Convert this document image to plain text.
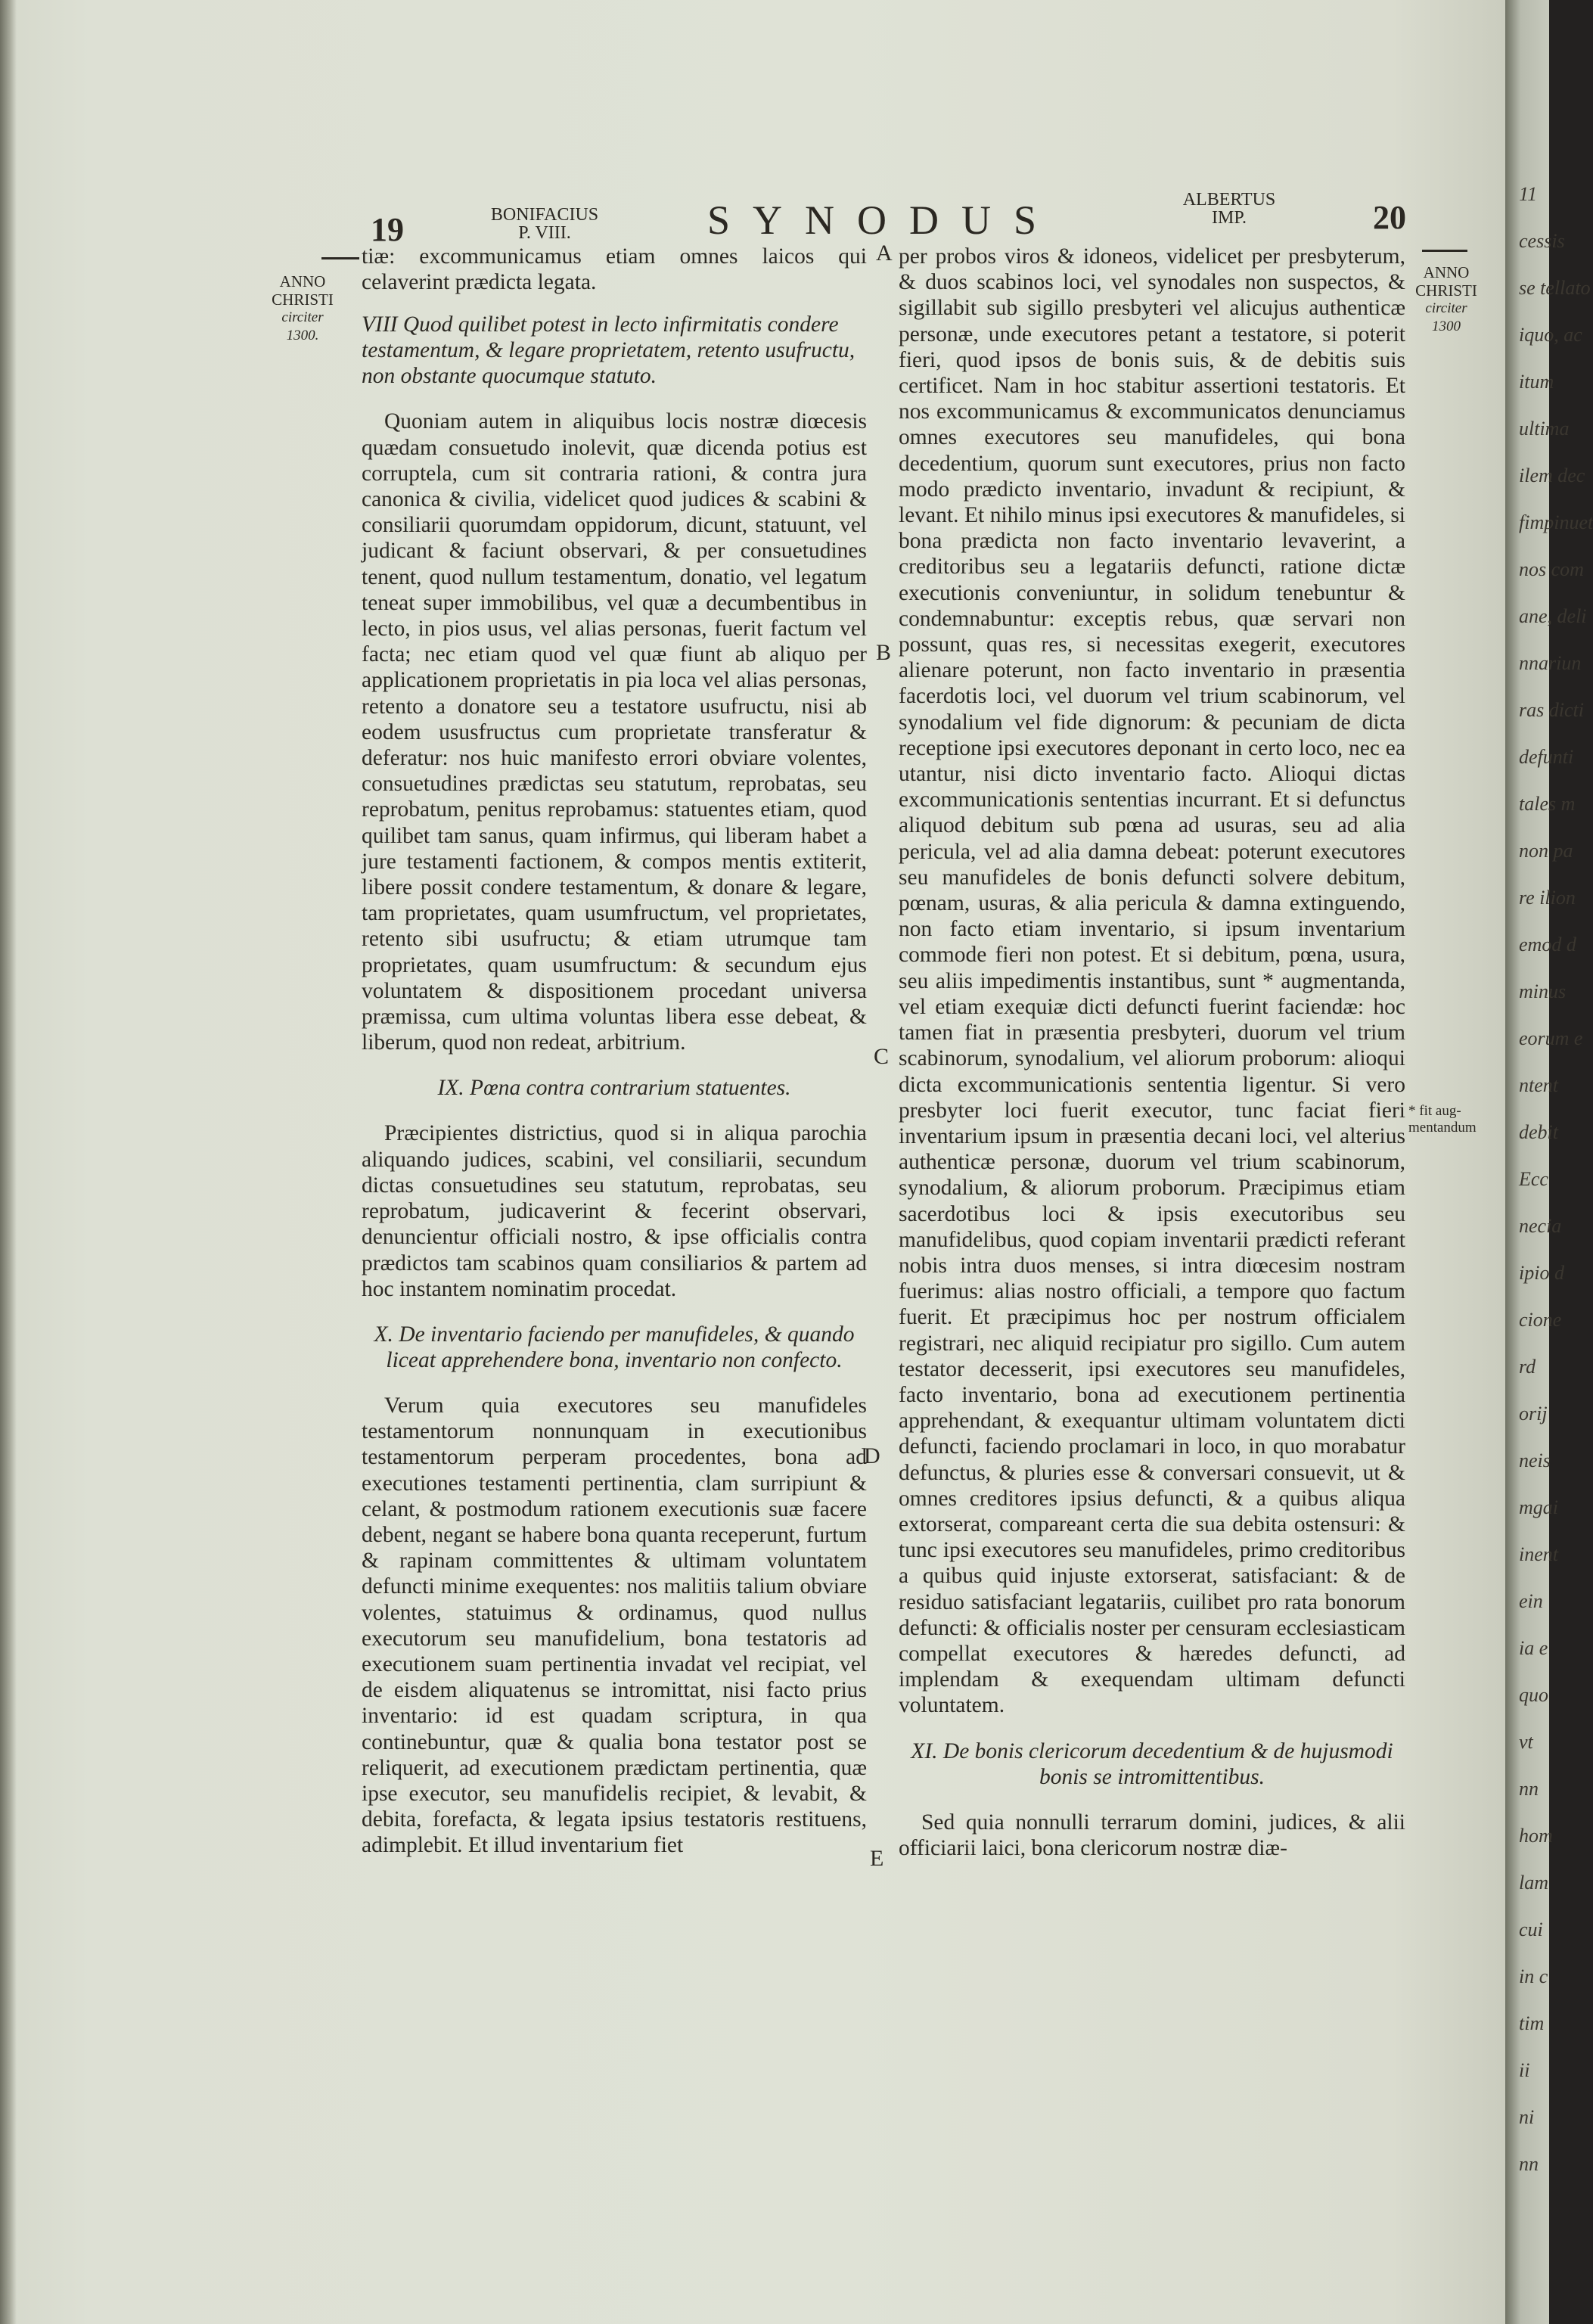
19	BONIFACIUS
P. VIII.	SYNODUS	ALBERTUS
IMP.	20
ANNO
CHRISTI
circiter
1300.
ANNO
CHRISTI
circiter
1300
* fit aug-
mentandum
A
B
C
D
E

tiæ: excommunicamus etiam omnes laicos qui celaverint prædicta legata.

VIII Quod quilibet potest in lecto infirmitatis condere testamentum, & legare proprietatem, retento usufructu, non obstante quocumque statuto.

Quoniam autem in aliquibus locis nostræ diœcesis quædam consuetudo inolevit, quæ dicenda potius est corruptela, cum sit contraria rationi, & contra jura canonica & civilia, videlicet quod judices & scabini & consiliarii quorumdam oppidorum, dicunt, statuunt, vel judicant & faciunt observari, & per consuetudines tenent, quod nullum testamentum, donatio, vel legatum teneat super immobilibus, vel quæ a decumbentibus in lecto, in pios usus, vel alias personas, fuerit factum vel facta; nec etiam quod vel quæ fiunt ab aliquo per applicationem proprietatis in pia loca vel alias personas, retento a donatore seu a testatore usufructu, nisi ab eodem ususfructus cum proprietate transferatur & deferatur: nos huic manifesto errori obviare volentes, consuetudines prædictas seu statutum, reprobatas, seu reprobatum, penitus reprobamus: statuentes etiam, quod quilibet tam sanus, quam infirmus, qui liberam habet a jure testamenti factionem, & compos mentis extiterit, libere possit condere testamentum, & donare & legare, tam proprietates, quam usumfructum, vel proprietates, retento sibi usufructu; & etiam utrumque tam proprietates, quam usumfructum: & secundum ejus voluntatem & dispositionem procedant universa præmissa, cum ultima voluntas libera esse debeat, & liberum, quod non redeat, arbitrium.

IX. Pœna contra contrarium statuentes.

Præcipientes districtius, quod si in aliqua parochia aliquando judices, scabini, vel consiliarii, secundum dictas consuetudines seu statutum, reprobatas, seu reprobatum, judicaverint & fecerint observari, denuncientur officiali nostro, & ipse officialis contra prædictos tam scabinos quam consiliarios & partem ad hoc instantem nominatim procedat.

X. De inventario faciendo per manufideles, & quando liceat apprehendere bona, inventario non confecto.

Verum quia executores seu manufideles testamentorum nonnunquam in executionibus testamentorum perperam procedentes, bona ad executiones testamenti pertinentia, clam surripiunt & celant, & postmodum rationem executionis suæ facere debent, negant se habere bona quanta receperunt, furtum & rapinam committentes & ultimam voluntatem defuncti minime exequentes: nos malitiis talium obviare volentes, statuimus & ordinamus, quod nullus executorum seu manufidelium, bona testatoris ad executionem suam pertinentia invadat vel recipiat, vel de eisdem aliquatenus se intromittat, nisi facto prius inventario: id est quadam scriptura, in qua continebuntur, quæ & qualia bona testator post se reliquerit, ad executionem prædictam pertinentia, quæ ipse executor, seu manufidelis recipiet, & levabit, & debita, forefacta, & legata ipsius testatoris restituens, adimplebit. Et illud inventarium fiet

per probos viros & idoneos, videlicet per presbyterum, & duos scabinos loci, vel synodales non suspectos, & sigillabit sub sigillo presbyteri vel alicujus authenticæ personæ, unde executores petant a testatore, si poterit fieri, quod ipsos de bonis suis, & de debitis suis certificet. Nam in hoc stabitur assertioni testatoris. Et nos excommunicamus & excommunicatos denunciamus omnes executores seu manufideles, qui bona decedentium, quorum sunt executores, prius non facto modo prædicto inventario, invadunt & recipiunt, & levant. Et nihilo minus ipsi executores & manufideles, si bona prædicta non facto inventario levaverint, a creditoribus seu a legatariis defuncti, ratione dictæ executionis conveniuntur, in solidum tenebuntur & condemnabuntur: exceptis rebus, quæ servari non possunt, quas res, si necessitas exegerit, executores alienare poterunt, non facto inventario in præsentia facerdotis loci, vel duorum vel trium scabinorum, vel synodalium vel fide dignorum: & pecuniam de dicta receptione ipsi executores deponant in certo loco, nec ea utantur, nisi dicto inventario facto. Alioqui dictas excommunicationis sententias incurrant. Et si defunctus aliquod debitum sub pœna ad usuras, seu ad alia pericula, vel ad alia damna debeat: poterunt executores seu manufideles de bonis defuncti solvere debitum, pœnam, usuras, & alia pericula & damna extinguendo, non facto etiam inventario, si ipsum inventarium commode fieri non potest. Et si debitum, pœna, usura, seu aliis impedimentis instantibus, sunt * augmentanda, vel etiam exequiæ dicti defuncti fuerint faciendæ: hoc tamen fiat in præsentia presbyteri, duorum vel trium scabinorum, synodalium, vel aliorum proborum: alioqui dicta excommunicationis sententia ligentur. Si vero presbyter loci fuerit executor, tunc faciat fieri inventarium ipsum in præsentia decani loci, vel alterius authenticæ personæ, duorum vel trium scabinorum, synodalium, & aliorum proborum. Præcipimus etiam sacerdotibus loci & ipsis executoribus seu manufidelibus, quod copiam inventarii prædicti referant nobis intra duos menses, si intra diœcesim nostram fuerimus: alias nostro officiali, a tempore quo factum fuerit. Et præcipimus hoc per nostrum officialem registrari, nec aliquid recipiatur pro sigillo. Cum autem testator decesserit, ipsi executores seu manufideles, facto inventario, bona ad executionem pertinentia apprehendant, & exequantur ultimam voluntatem dicti defuncti, faciendo proclamari in loco, in quo morabatur defunctus, & pluries esse & conversari consuevit, ut & omnes creditores ipsius defuncti, & a quibus aliqua extorserat, compareant certa die sua debita ostensuri: & tunc ipsi executores seu manufideles, primo creditoribus a quibus quid injuste extorserat, satisfaciant: & de residuo satisfaciant legatariis, cuilibet pro rata bonorum defuncti: & officialis noster per censuram ecclesiasticam compellat executores & hæredes defuncti, ad implendam & exequendam ultimam defuncti voluntatem.

XI. De bonis clericorum decedentium & de hujusmodi bonis se intromittentibus.

Sed quia nonnulli terrarum domini, judices, & alii officiarii laici, bona clericorum nostræ diæ-

11
cessis
se tellato
iquo, ac
itum
ultima
ilem dec
fimpinuet
nos com
ane, deli
nnariun
ras dicti
defunti
tales m
non pa
re ilion
emod d
minus
eorum e
ntent
debit
Ecc
necia
ipio d
cione
rd
orij
neis
mgai
inent
ein
ia e
quo
vt
nn
hom
lam
cui
in c
tim
ii
ni
nn
